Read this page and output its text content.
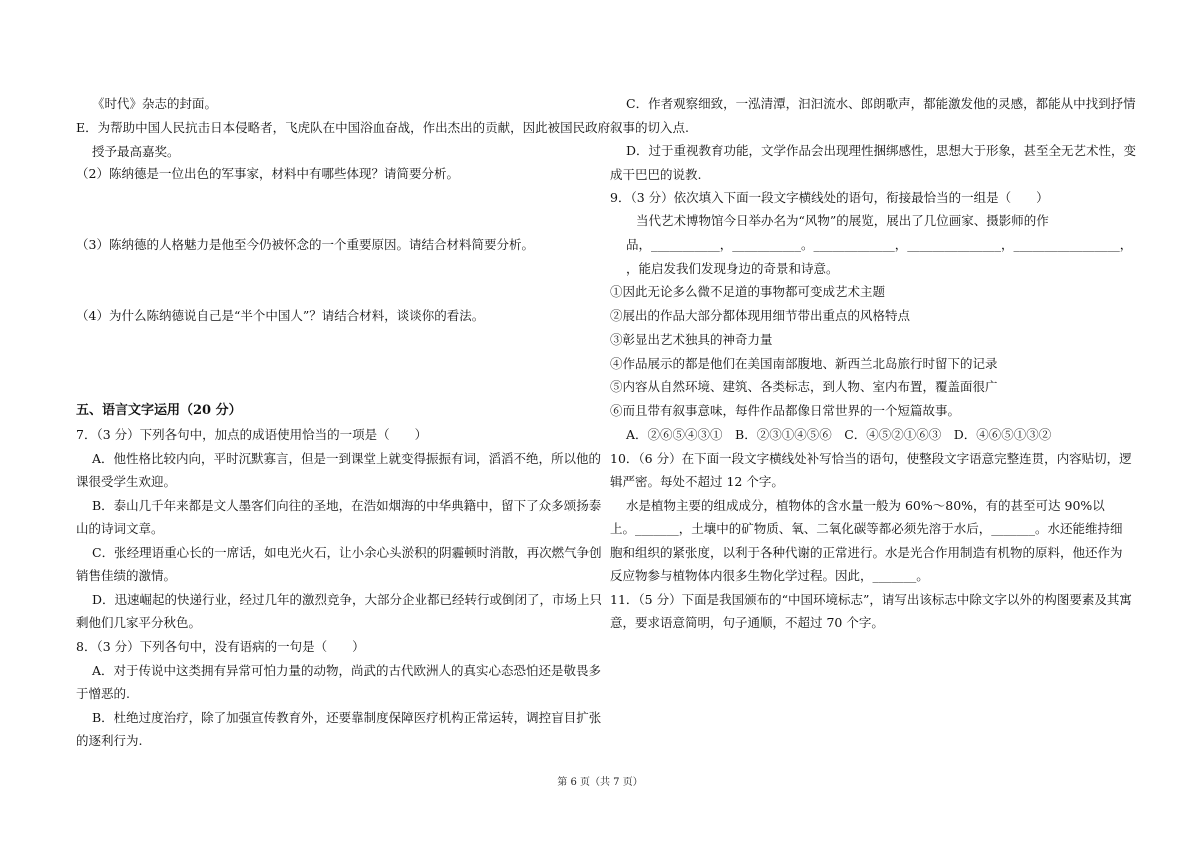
《时代》杂志的封面。
E．为帮助中国人民抗击日本侵略者，飞虎队在中国浴血奋战，作出杰出的贡献，因此被国民政府
授予最高嘉奖。
（2）陈纳德是一位出色的军事家，材料中有哪些体现？请简要分析。
（3）陈纳德的人格魅力是他至今仍被怀念的一个重要原因。请结合材料简要分析。
（4）为什么陈纳德说自己是“半个中国人”？请结合材料，谈谈你的看法。
五、语言文字运用（20 分）
7．（3 分）下列各句中，加点的成语使用恰当的一项是（　　）
A．他性格比较内向，平时沉默寡言，但是一到课堂上就变得振振有词，滔滔不绝，所以他的
课很受学生欢迎。
B．泰山几千年来都是文人墨客们向往的圣地，在浩如烟海的中华典籍中，留下了众多颂扬泰
山的诗词文章。
C．张经理语重心长的一席话，如电光火石，让小余心头淤积的阴霾顿时消散，再次燃气争创
销售佳绩的激情。
D．迅速崛起的快递行业，经过几年的激烈竞争，大部分企业都已经转行或倒闭了，市场上只
剩他们几家平分秋色。
8．（3 分）下列各句中，没有语病的一句是（　　）
A．对于传说中这类拥有异常可怕力量的动物，尚武的古代欧洲人的真实心态恐怕还是敬畏多
于憎恶的.
B．杜绝过度治疗，除了加强宣传教育外，还要靠制度保障医疗机构正常运转，调控盲目扩张
的逐利行为.
C．作者观察细致，一泓清潭，汩汩流水、郎朗歌声，都能激发他的灵感，都能从中找到抒情
叙事的切入点.
D．过于重视教育功能，文学作品会出现理性捆绑感性，思想大于形象，甚至全无艺术性，变
成干巴巴的说教.
9．（3 分）依次填入下面一段文字横线处的语句，衔接最恰当的一组是（　　）
当代艺术博物馆今日举办名为“风物”的展览，展出了几位画家、摄影师的作
品，___________，___________。_____________，_______________，_________________，
，能启发我们发现身边的奇景和诗意。
①因此无论多么微不足道的事物都可变成艺术主题
②展出的作品大部分都体现用细节带出重点的风格特点
③彰显出艺术独具的神奇力量
④作品展示的都是他们在美国南部腹地、新西兰北岛旅行时留下的记录
⑤内容从自然环境、建筑、各类标志，到人物、室内布置，覆盖面很广
⑥而且带有叙事意味，每件作品都像日常世界的一个短篇故事。
A．②⑥⑤④③①　B．②③①④⑤⑥　C．④⑤②①⑥③　D．④⑥⑤①③②
10．（6 分）在下面一段文字横线处补写恰当的语句，使整段文字语意完整连贯，内容贴切，逻
辑严密。每处不超过 12 个字。
水是植物主要的组成成分，植物体的含水量一般为 60%～80%，有的甚至可达 90%以
上。_______，土壤中的矿物质、氧、二氧化碳等都必须先溶于水后，_______。水还能维持细
胞和组织的紧张度，以利于各种代谢的正常进行。水是光合作用制造有机物的原料，他还作为
反应物参与植物体内很多生物化学过程。因此，_______。
11．（5 分）下面是我国颁布的“中国环境标志”，请写出该标志中除文字以外的构图要素及其寓
意，要求语意简明，句子通顺，不超过 70 个字。
第 6 页（共 7 页）
